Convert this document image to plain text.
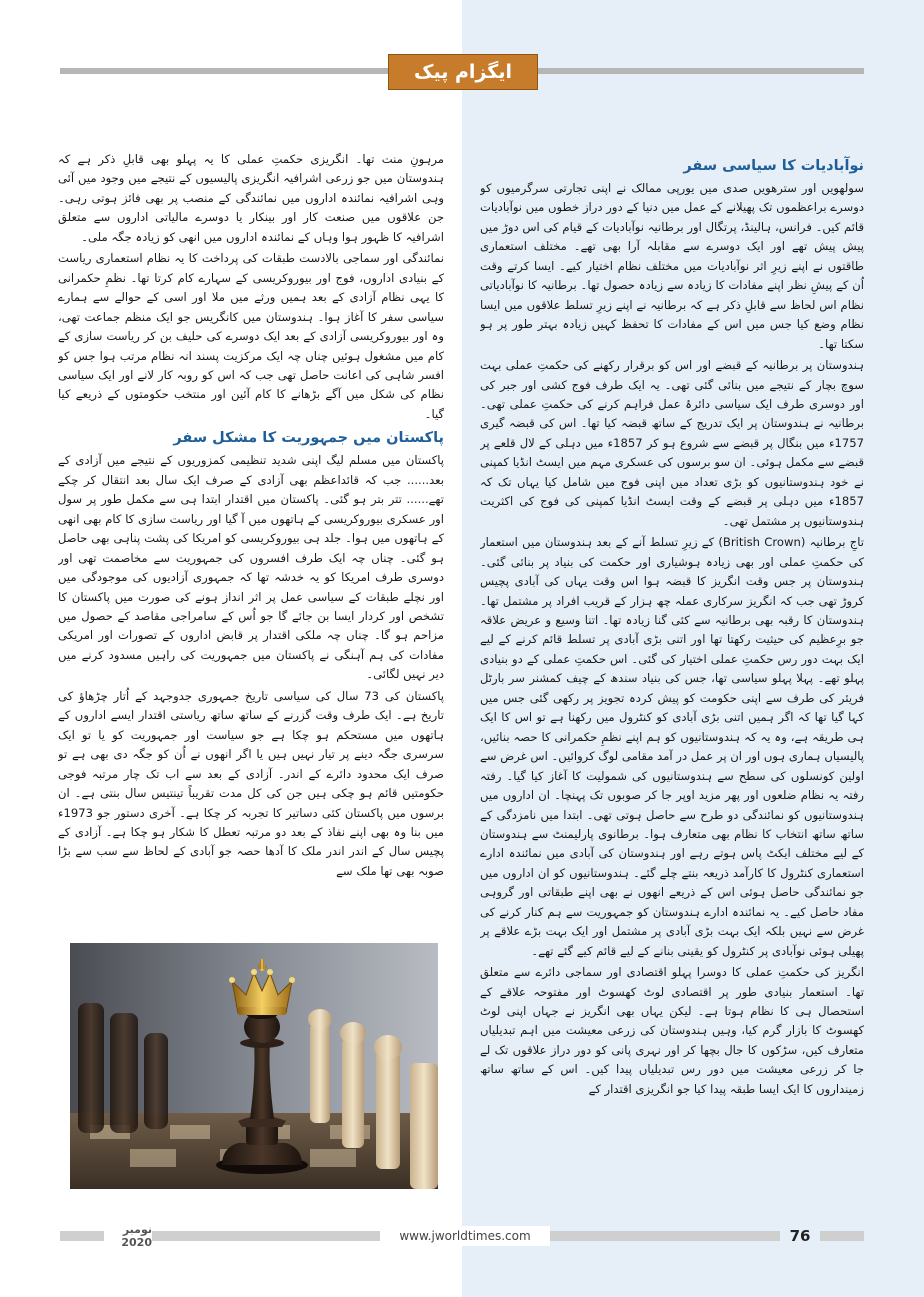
ایگزام پیک
نوآبادیات کا سیاسی سفر

سولھویں اور سترھویں صدی میں یورپی ممالک نے اپنی تجارتی سرگرمیوں کو دوسرے براعظموں تک پھیلانے کے عمل میں دنیا کے دور دراز خطوں میں نوآبادیات قائم کیں۔ فرانس، ہالینڈ، پرتگال اور برطانیہ نوآبادیات کے قیام کی اس دوڑ میں پیش پیش تھے اور ایک دوسرے سے مقابلہ آرا بھی تھے۔ مختلف استعماری طاقتوں نے اپنے زیرِ اثر نوآبادیات میں مختلف نظام اختیار کیے۔ ایسا کرتے وقت اُن کے پیشِ نظر اپنے مفادات کا زیادہ سے زیادہ حصول تھا۔ برطانیہ کا نوآبادیاتی نظام اس لحاظ سے قابلِ ذکر ہے کہ برطانیہ نے اپنے زیرِ تسلط علاقوں میں ایسا نظام وضع کیا جس میں اس کے مفادات کا تحفظ کہیں زیادہ بہتر طور پر ہو سکتا تھا۔

ہندوستان پر برطانیہ کے قبضے اور اس کو برقرار رکھنے کی حکمتِ عملی بہت سوچ بچار کے نتیجے میں بنائی گئی تھی۔ یہ ایک طرف فوج کشی اور جبر کی اور دوسری طرف ایک سیاسی دائرۂ عمل فراہم کرنے کی حکمتِ عملی تھی۔ برطانیہ نے ہندوستان پر ایک تدریج کے ساتھ قبضہ کیا تھا۔ اس کی قبضہ گیری 1757ء میں بنگال پر قبضے سے شروع ہو کر 1857ء میں دہلی کے لال قلعے پر قبضے سے مکمل ہوئی۔ ان سو برسوں کی عسکری مہم میں ایسٹ انڈیا کمپنی نے خود ہندوستانیوں کو بڑی تعداد میں اپنی فوج میں شامل کیا یہاں تک کہ 1857ء میں دہلی پر قبضے کے وقت ایسٹ انڈیا کمپنی کی فوج کی اکثریت ہندوستانیوں پر مشتمل تھی۔

تاجِ برطانیہ (British Crown) کے زیرِ تسلط آنے کے بعد ہندوستان میں استعمار کی حکمتِ عملی اور بھی زیادہ ہوشیاری اور حکمت کی بنیاد پر بنائی گئی۔ ہندوستان پر جس وقت انگریز کا قبضہ ہوا اس وقت یہاں کی آبادی پچیس کروڑ تھی جب کہ انگریز سرکاری عملہ چھ ہزار کے قریب افراد پر مشتمل تھا۔ ہندوستان کا رقبہ بھی برطانیہ سے کئی گنا زیادہ تھا۔ اتنا وسیع و عریض علاقہ جو برِعظیم کی حیثیت رکھتا تھا اور اتنی بڑی آبادی پر تسلط قائم کرنے کے لیے ایک بہت دور رس حکمتِ عملی اختیار کی گئی۔ اس حکمتِ عملی کے دو بنیادی پہلو تھے۔ پہلا پہلو سیاسی تھا، جس کی بنیاد سندھ کے چیف کمشنر سر بارٹل فریئر کی طرف سے اپنی حکومت کو پیش کردہ تجویز پر رکھی گئی جس میں کہا گیا تھا کہ اگر ہمیں اتنی بڑی آبادی کو کنٹرول میں رکھنا ہے تو اس کا ایک ہی طریقہ ہے، وہ یہ کہ ہندوستانیوں کو ہم اپنے نظمِ حکمرانی کا حصہ بنائیں، پالیسیاں ہماری ہوں اور ان پر عمل در آمد مقامی لوگ کروائیں۔ اس غرض سے اولین کونسلوں کی سطح سے ہندوستانیوں کی شمولیت کا آغاز کیا گیا۔ رفتہ رفتہ یہ نظام ضلعوں اور پھر مزید اوپر جا کر صوبوں تک پہنچا۔ ان اداروں میں ہندوستانیوں کو نمائندگی دو طرح سے حاصل ہوتی تھی۔ ابتدا میں نامزدگی کے ساتھ ساتھ انتخاب کا نظام بھی متعارف ہوا۔ برطانوی پارلیمنٹ سے ہندوستان کے لیے مختلف ایکٹ پاس ہوتے رہے اور ہندوستان کی آبادی میں نمائندہ ادارے استعماری کنٹرول کا کارآمد ذریعہ بنتے چلے گئے۔ ہندوستانیوں کو ان اداروں میں جو نمائندگی حاصل ہوئی اس کے ذریعے انھوں نے بھی اپنے طبقاتی اور گروہی مفاد حاصل کیے۔ یہ نمائندہ ادارے ہندوستان کو جمہوریت سے ہم کنار کرنے کی غرض سے نہیں بلکہ ایک بہت بڑی آبادی پر مشتمل اور ایک بہت بڑے علاقے پر پھیلی ہوئی نوآبادی پر کنٹرول کو یقینی بنانے کے لیے قائم کیے گئے تھے۔

انگریز کی حکمتِ عملی کا دوسرا پہلو اقتصادی اور سماجی دائرے سے متعلق تھا۔ استعمار بنیادی طور پر اقتصادی لوٹ کھسوٹ اور مفتوحہ علاقے کے استحصال ہی کا نظام ہوتا ہے۔ لیکن یہاں بھی انگریز نے جہاں اپنی لوٹ کھسوٹ کا بازار گرم کیا، وہیں ہندوستان کی زرعی معیشت میں اہم تبدیلیاں متعارف کیں، سڑکوں کا جال بچھا کر اور نہری پانی کو دور دراز علاقوں تک لے جا کر زرعی معیشت میں دور رس تبدیلیاں پیدا کیں۔ اس کے ساتھ ساتھ زمینداروں کا ایک ایسا طبقہ پیدا کیا جو انگریزی اقتدار کے

مرہونِ منت تھا۔ انگریزی حکمتِ عملی کا یہ پہلو بھی قابلِ ذکر ہے کہ ہندوستان میں جو زرعی اشرافیہ انگریزی پالیسیوں کے نتیجے میں وجود میں آئی وہی اشرافیہ نمائندہ اداروں میں نمائندگی کے منصب پر بھی فائز ہوتی رہی۔ جن علاقوں میں صنعت کار اور بینکار یا دوسرے مالیاتی اداروں سے متعلق اشرافیہ کا ظہور ہوا وہاں کے نمائندہ اداروں میں انھی کو زیادہ جگہ ملی۔

نمائندگی اور سماجی بالادست طبقات کی پرداخت کا یہ نظام استعماری ریاست کے بنیادی اداروں، فوج اور بیوروکریسی کے سہارے کام کرتا تھا۔ نظمِ حکمرانی کا یہی نظام آزادی کے بعد ہمیں ورثے میں ملا اور اسی کے حوالے سے ہمارے سیاسی سفر کا آغاز ہوا۔ ہندوستان میں کانگریس جو ایک منظم جماعت تھی، وہ اور بیوروکریسی آزادی کے بعد ایک دوسرے کی حلیف بن کر ریاست سازی کے کام میں مشغول ہوئیں چناں چہ ایک مرکزیت پسند انہ نظام مرتب ہوا جس کو افسر شاہی کی اعانت حاصل تھی جب کہ اس کو روبہ کار لانے اور ایک سیاسی نظام کی شکل میں آگے بڑھانے کا کام آئین اور منتخب حکومتوں کے ذریعے کیا گیا۔

پاکستان میں جمہوریت کا مشکل سفر

پاکستان میں مسلم لیگ اپنی شدید تنظیمی کمزوریوں کے نتیجے میں آزادی کے بعد...... جب کہ قائداعظم بھی آزادی کے صرف ایک سال بعد انتقال کر چکے تھے...... تتر بتر ہو گئی۔ پاکستان میں اقتدار ابتدا ہی سے مکمل طور پر سول اور عسکری بیوروکریسی کے ہاتھوں میں آ گیا اور ریاست سازی کا کام بھی انھی کے ہاتھوں میں ہوا۔ جلد ہی بیوروکریسی کو امریکا کی پشت پناہی بھی حاصل ہو گئی۔ چناں چہ ایک طرف افسروں کی جمہوریت سے مخاصمت تھی اور دوسری طرف امریکا کو یہ خدشہ تھا کہ جمہوری آزادیوں کی موجودگی میں اور نچلے طبقات کے سیاسی عمل پر اثر انداز ہونے کی صورت میں پاکستان کا تشخص اور کردار ایسا بن جائے گا جو اُس کے سامراجی مقاصد کے حصول میں مزاحم ہو گا۔ چناں چہ ملکی اقتدار پر قابض اداروں کے تصورات اور امریکی مفادات کی ہم آہنگی نے پاکستان میں جمہوریت کی راہیں مسدود کرنے میں دیر نہیں لگائی۔

پاکستان کی 73 سال کی سیاسی تاریخ جمہوری جدوجہد کے اُتار چڑھاؤ کی تاریخ ہے۔ ایک طرف وقت گزرنے کے ساتھ ساتھ ریاستی اقتدار ایسے اداروں کے ہاتھوں میں مستحکم ہو چکا ہے جو سیاست اور جمہوریت کو یا تو ایک سرسری جگہ دینے پر تیار نہیں ہیں یا اگر انھوں نے اُن کو جگہ دی بھی ہے تو صرف ایک محدود دائرے کے اندر۔ آزادی کے بعد سے اب تک چار مرتبہ فوجی حکومتیں قائم ہو چکی ہیں جن کی کل مدت تقریباً تینتیس سال بنتی ہے۔ ان برسوں میں پاکستان کئی دساتیر کا تجربہ کر چکا ہے۔ آخری دستور جو 1973ء میں بنا وہ بھی اپنے نفاذ کے بعد دو مرتبہ تعطل کا شکار ہو چکا ہے۔ آزادی کے پچیس سال کے اندر اندر ملک کا آدھا حصہ جو آبادی کے لحاظ سے سب سے بڑا صوبہ بھی تھا ملک سے

نومبر 2020	www.jworldtimes.com	76
